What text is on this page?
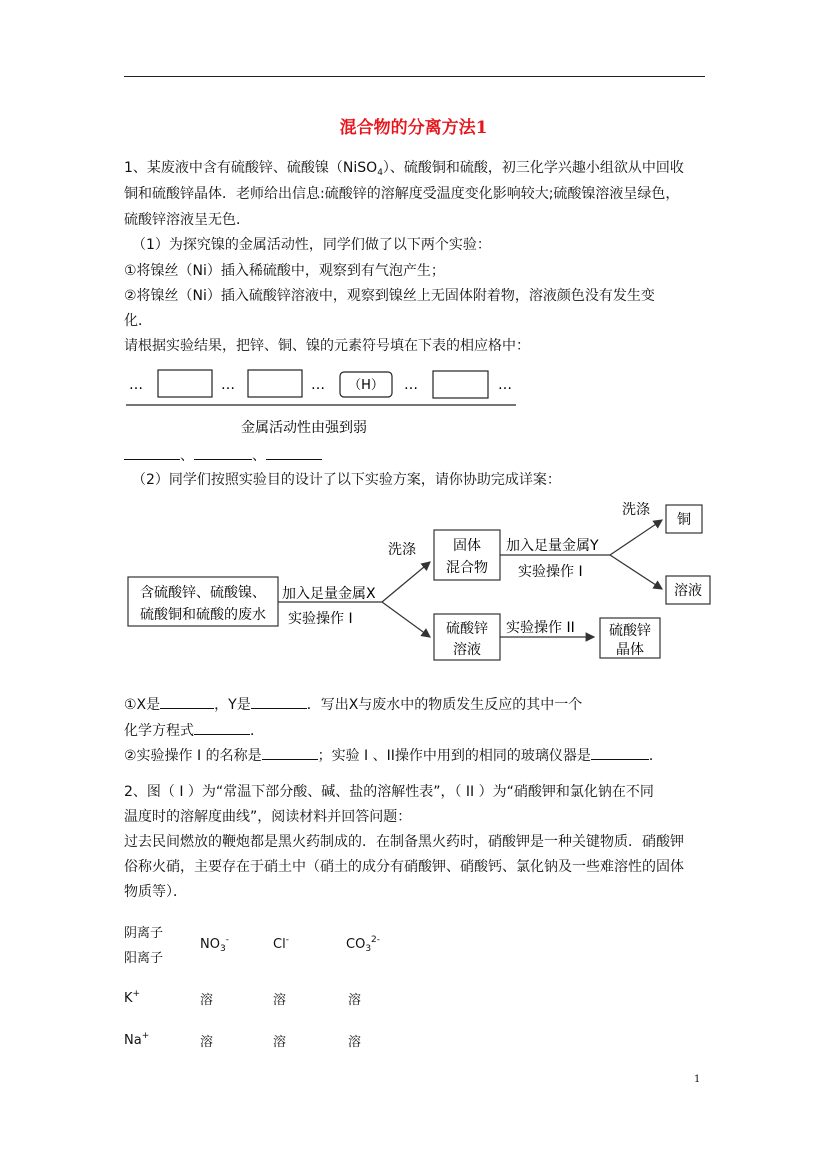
混合物的分离方法1
1、某废液中含有硫酸锌、硫酸镍（NiSO$_4$）、硫酸铜和硫酸，初三化学兴趣小组欲从中回收
铜和硫酸锌晶体．老师给出信息:硫酸锌的溶解度受温度变化影响较大;硫酸镍溶液呈绿色，
硫酸锌溶液呈无色．
（1）为探究镍的金属活动性，同学们做了以下两个实验：
①将镍丝（Ni）插入稀硫酸中，观察到有气泡产生；
②将镍丝（Ni）插入硫酸锌溶液中，观察到镍丝上无固体附着物，溶液颜色没有发生变
化．
请根据实验结果，把锌、铜、镍的元素符号填在下表的相应格中：
…	…	… （H） …	…
金属活动性由强到弱
、	、
（2）同学们按照实验目的设计了以下实验方案，请你协助完成详案：
含硫酸锌、硫酸镍、
硫酸铜和硫酸的废水
加入足量金属X
实验操作 I
洗涤	固体
混合物
加入足量金属Y
实验操作 I
洗涤
铜
溶液
硫酸锌
溶液
实验操作 II 硫酸锌
晶体
①X是	，Y是	．写出X与废水中的物质发生反应的其中一个
化学方程式	．
②实验操作 I 的名称是	；实验 I 、II操作中用到的相同的玻璃仪器是	．
2、图（ I ）为“常温下部分酸、碱、盐的溶解性表”，（ II ）为“硝酸钾和氯化钠在不同
温度时的溶解度曲线”，阅读材料并回答问题：
过去民间燃放的鞭炮都是黑火药制成的．在制备黑火药时，硝酸钾是一种关键物质．硝酸钾
俗称火硝，主要存在于硝土中（硝土的成分有硝酸钾、硝酸钙、氯化钠及一些难溶性的固体
物质等）．
阴离子
阳离子
$NO_3^-$	Cl-	$CO_3^{2-}$
K+	溶	溶	溶
Na+	溶	溶	溶
1
